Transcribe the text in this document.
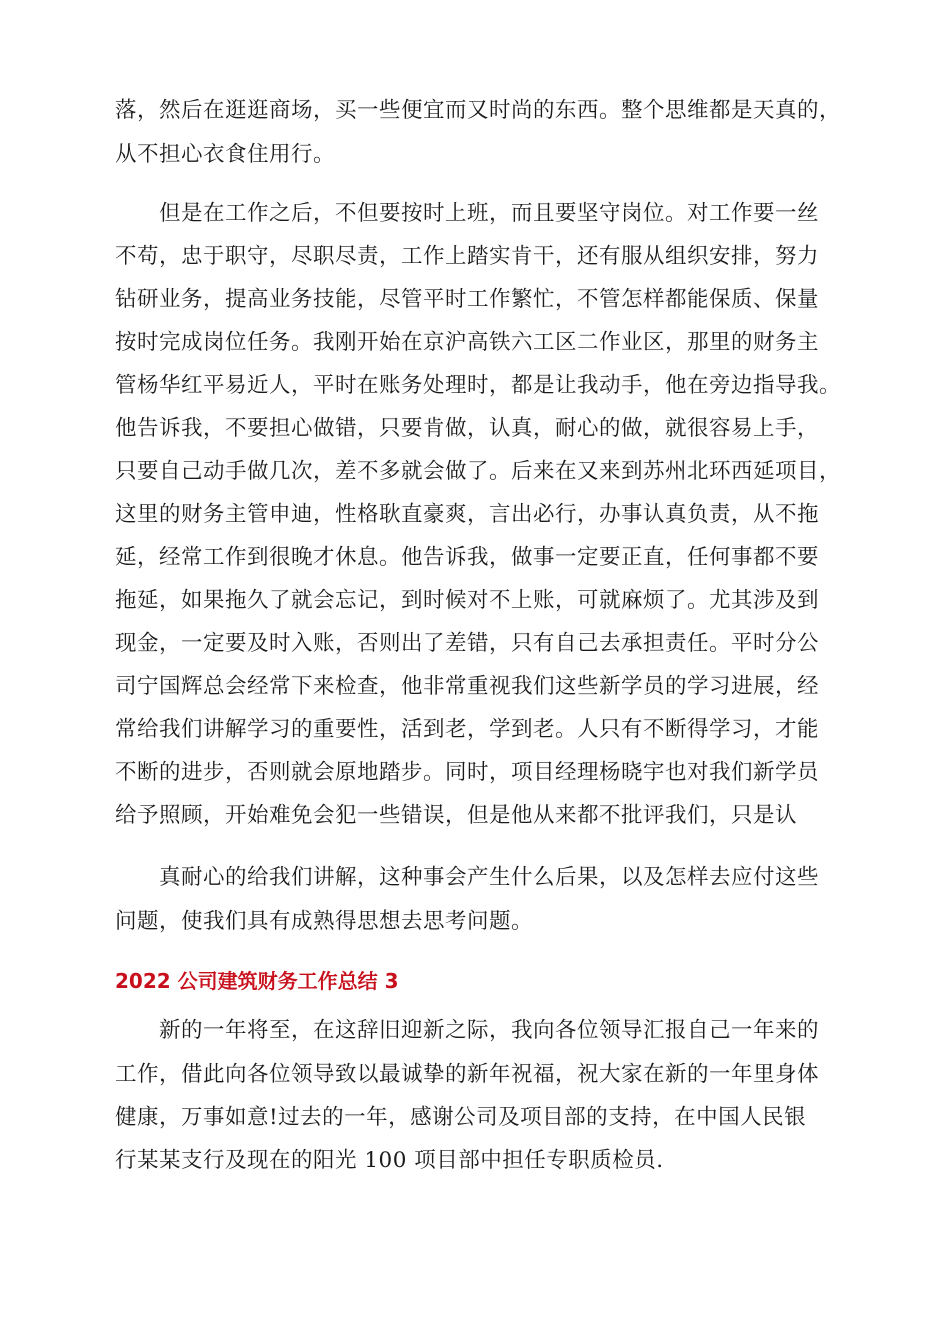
落，然后在逛逛商场，买一些便宜而又时尚的东西。整个思维都是天真的，
从不担心衣食住用行。
　　但是在工作之后，不但要按时上班，而且要坚守岗位。对工作要一丝
不苟，忠于职守，尽职尽责，工作上踏实肯干，还有服从组织安排，努力
钻研业务，提高业务技能，尽管平时工作繁忙，不管怎样都能保质、保量
按时完成岗位任务。我刚开始在京沪高铁六工区二作业区，那里的财务主
管杨华红平易近人，平时在账务处理时，都是让我动手，他在旁边指导我。
他告诉我，不要担心做错，只要肯做，认真，耐心的做，就很容易上手，
只要自己动手做几次，差不多就会做了。后来在又来到苏州北环西延项目，
这里的财务主管申迪，性格耿直豪爽，言出必行，办事认真负责，从不拖
延，经常工作到很晚才休息。他告诉我，做事一定要正直，任何事都不要
拖延，如果拖久了就会忘记，到时候对不上账，可就麻烦了。尤其涉及到
现金，一定要及时入账，否则出了差错，只有自己去承担责任。平时分公
司宁国辉总会经常下来检查，他非常重视我们这些新学员的学习进展，经
常给我们讲解学习的重要性，活到老，学到老。人只有不断得学习，才能
不断的进步，否则就会原地踏步。同时，项目经理杨晓宇也对我们新学员
给予照顾，开始难免会犯一些错误，但是他从来都不批评我们，只是认
　　真耐心的给我们讲解，这种事会产生什么后果，以及怎样去应付这些
问题，使我们具有成熟得思想去思考问题。
2022 公司建筑财务工作总结 3
　　新的一年将至，在这辞旧迎新之际，我向各位领导汇报自己一年来的
工作，借此向各位领导致以最诚挚的新年祝福，祝大家在新的一年里身体
健康，万事如意!过去的一年，感谢公司及项目部的支持，在中国人民银
行某某支行及现在的阳光 100 项目部中担任专职质检员.
